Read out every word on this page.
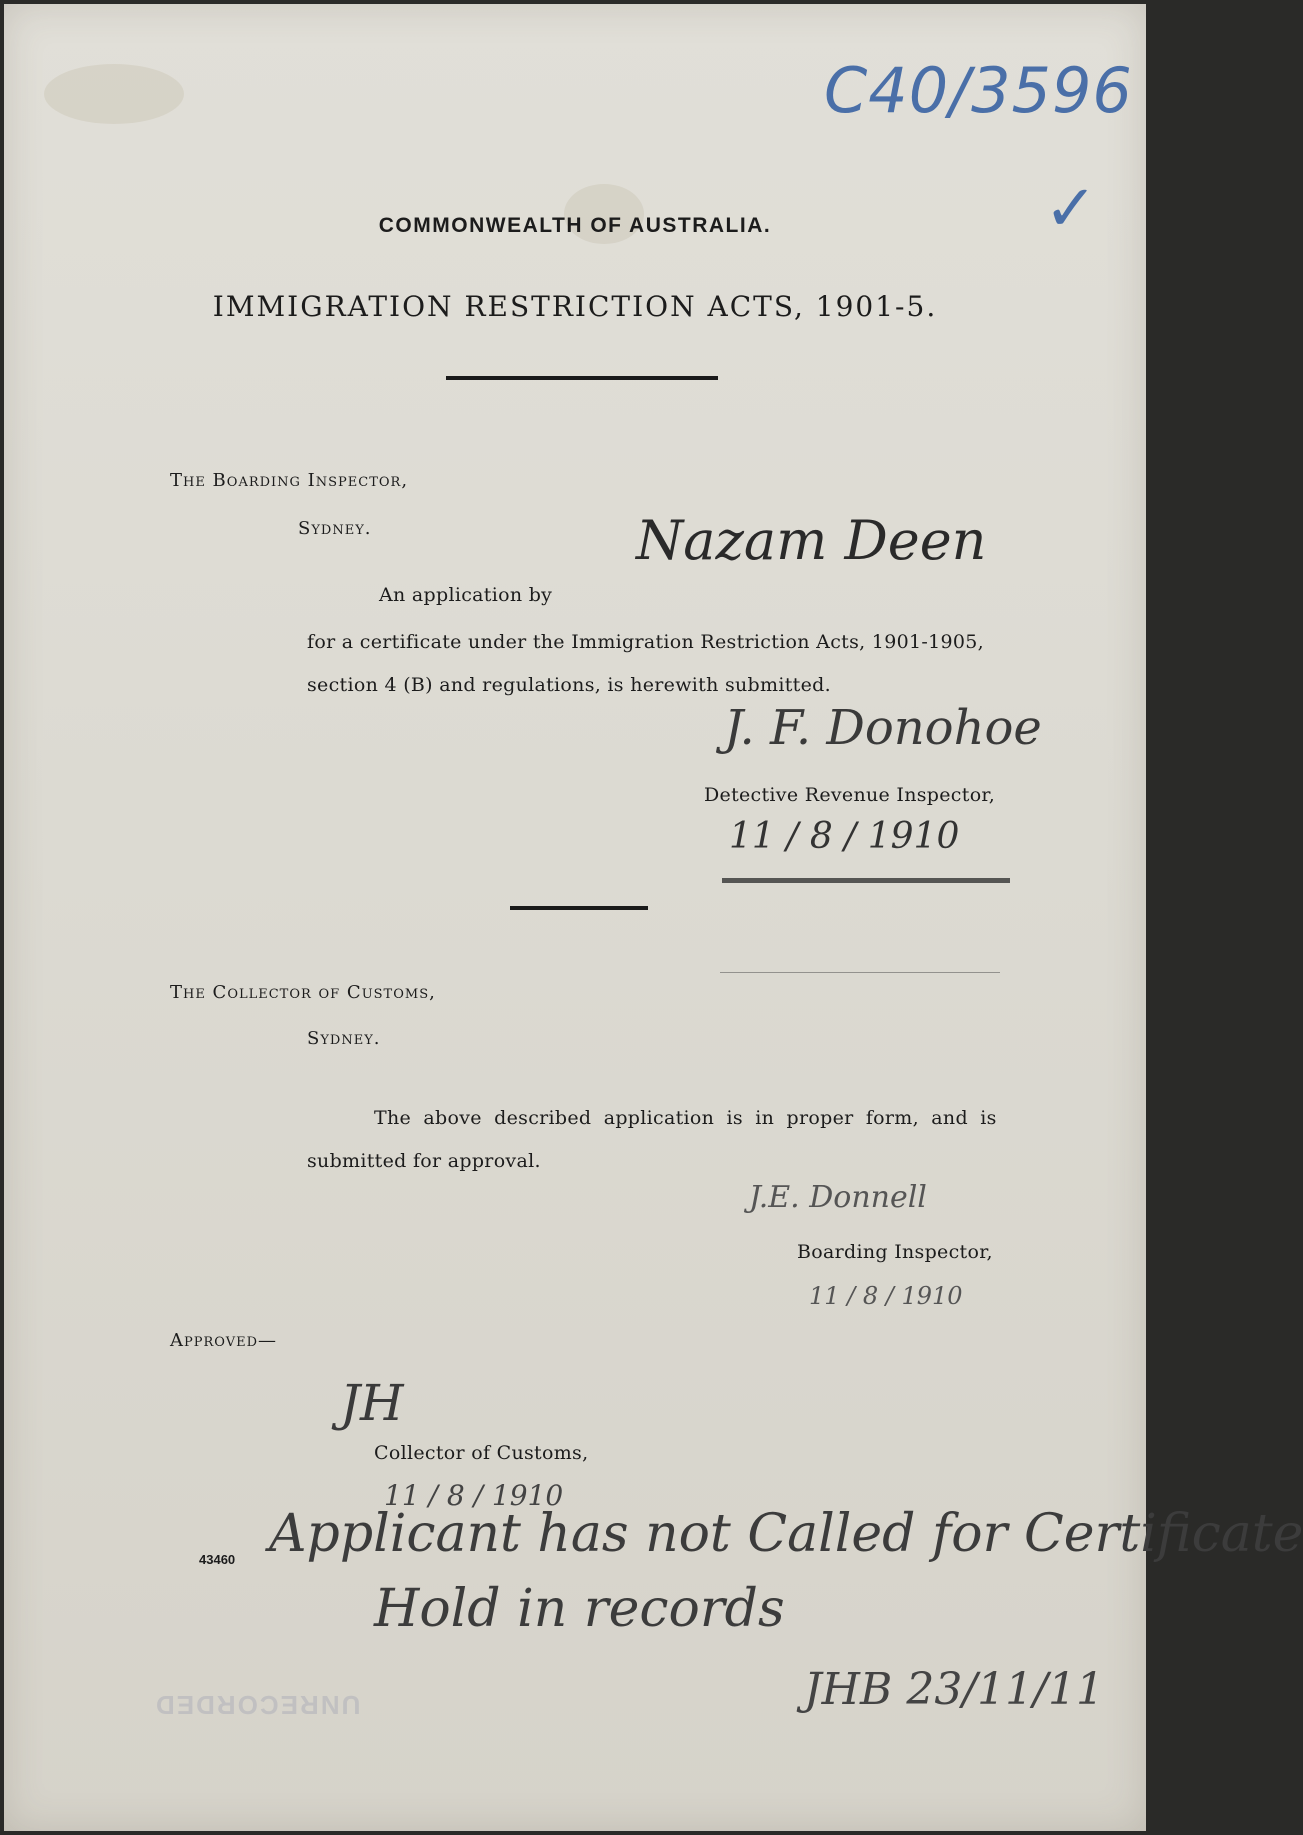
C40/3596

✓

COMMONWEALTH OF AUSTRALIA.

IMMIGRATION RESTRICTION ACTS, 1901-5.

The Boarding Inspector,

Sydney.

An application by

Nazam Deen

for a certificate under the Immigration Restriction Acts, 1901-1905,

section 4 (B) and regulations, is herewith submitted.

J. F. Donohoe

Detective Revenue Inspector,

11 / 8 / 1910

The Collector of Customs,

Sydney.

The above described application is in proper form, and is

submitted for approval.

J.E. Donnell

Boarding Inspector,

11 / 8 / 1910

Approved—

JH

Collector of Customs,

11 / 8 / 1910

43460 Applicant has not Called for Certificate

Hold in records

JHB 23/11/11

UNRECORDED
